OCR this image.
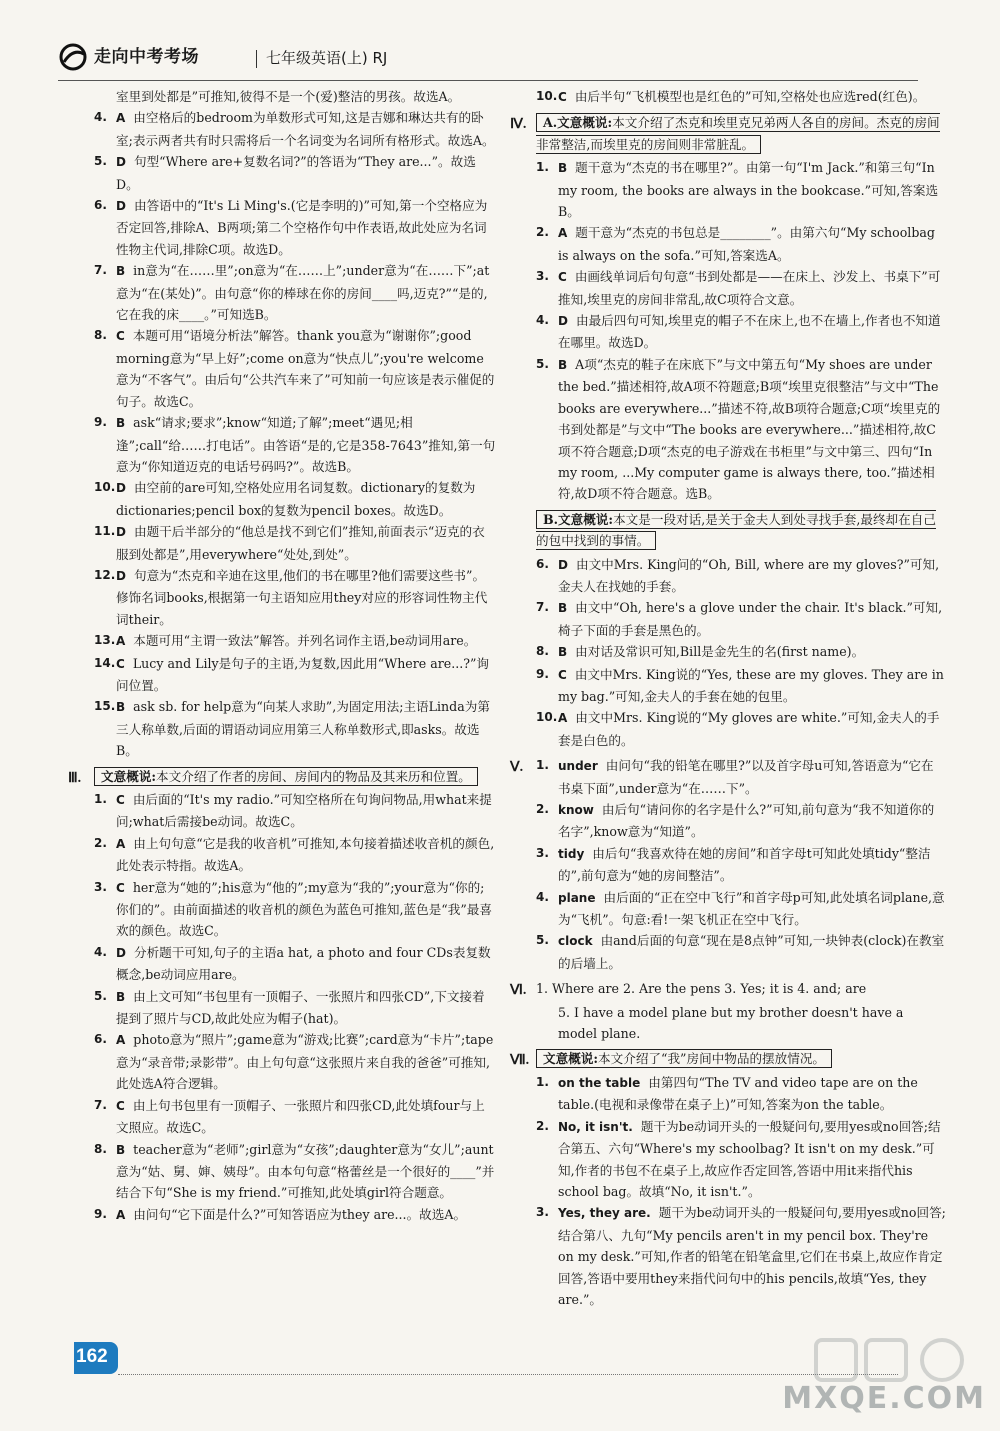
走向中考考场	七年级英语(上) RJ
室里到处都是”可推知,彼得不是一个(爱)整洁的男孩。故选A。
4. A 由空格后的bedroom为单数形式可知,这是吉娜和琳达共有的卧室;表示两者共有时只需将后一个名词变为名词所有格形式。故选A。
5. D 句型“Where are+复数名词?”的答语为“They are...”。故选D。
6. D 由答语中的“It's Li Ming's.(它是李明的)”可知,第一个空格应为否定回答,排除A、B两项;第二个空格作句中作表语,故此处应为名词性物主代词,排除C项。故选D。
7. B in意为“在……里”;on意为“在……上”;under意为“在……下”;at意为“在(某处)”。由句意“你的棒球在你的房间____吗,迈克?”“是的,它在我的床____。”可知选B。
8. C 本题可用“语境分析法”解答。thank you意为“谢谢你”;good morning意为“早上好”;come on意为“快点儿”;you're welcome意为“不客气”。由后句“公共汽车来了”可知前一句应该是表示催促的句子。故选C。
9. B ask“请求;要求”;know“知道;了解”;meet“遇见;相逢”;call“给……打电话”。由答语“是的,它是358-7643”推知,第一句意为“你知道迈克的电话号码吗?”。故选B。
10. D 由空前的are可知,空格处应用名词复数。dictionary的复数为dictionaries;pencil box的复数为pencil boxes。故选D。
11. D 由题干后半部分的“他总是找不到它们”推知,前面表示“迈克的衣服到处都是”,用everywhere“处处,到处”。
12. D 句意为“杰克和辛迪在这里,他们的书在哪里?他们需要这些书”。修饰名词books,根据第一句主语知应用they对应的形容词性物主代词their。
13. A 本题可用“主谓一致法”解答。并列名词作主语,be动词用are。
14. C Lucy and Lily是句子的主语,为复数,因此用“Where are...?”询问位置。
15. B ask sb. for help意为“向某人求助”,为固定用法;主语Linda为第三人称单数,后面的谓语动词应用第三人称单数形式,即asks。故选B。
Ⅲ. 文意概说:本文介绍了作者的房间、房间内的物品及其来历和位置。
1. C 由后面的“It's my radio.”可知空格所在句询问物品,用what来提问;what后需接be动词。故选C。
2. A 由上句句意“它是我的收音机”可推知,本句接着描述收音机的颜色,此处表示特指。故选A。
3. C her意为“她的”;his意为“他的”;my意为“我的”;your意为“你的;你们的”。由前面描述的收音机的颜色为蓝色可推知,蓝色是“我”最喜欢的颜色。故选C。
4. D 分析题干可知,句子的主语a hat, a photo and four CDs表复数概念,be动词应用are。
5. B 由上文可知“书包里有一顶帽子、一张照片和四张CD”,下文接着提到了照片与CD,故此处应为帽子(hat)。
6. A photo意为“照片”;game意为“游戏;比赛”;card意为“卡片”;tape意为“录音带;录影带”。由上句句意“这张照片来自我的爸爸”可推知,此处选A符合逻辑。
7. C 由上句书包里有一顶帽子、一张照片和四张CD,此处填four与上文照应。故选C。
8. B teacher意为“老师”;girl意为“女孩”;daughter意为“女儿”;aunt意为“姑、舅、婶、姨母”。由本句句意“格蕾丝是一个很好的____”并结合下句“She is my friend.”可推知,此处填girl符合题意。
9. A 由问句“它下面是什么?”可知答语应为they are...。故选A。
10. C 由后半句“飞机模型也是红色的”可知,空格处也应选red(红色)。
Ⅳ. A.文意概说:本文介绍了杰克和埃里克兄弟两人各自的房间。杰克的房间非常整洁,而埃里克的房间则非常脏乱。
1. B 题干意为“杰克的书在哪里?”。由第一句“I'm Jack.”和第三句“In my room, the books are always in the bookcase.”可知,答案选B。
2. A 题干意为“杰克的书包总是________”。由第六句“My schoolbag is always on the sofa.”可知,答案选A。
3. C 由画线单词后句句意“书到处都是——在床上、沙发上、书桌下”可推知,埃里克的房间非常乱,故C项符合文意。
4. D 由最后四句可知,埃里克的帽子不在床上,也不在墙上,作者也不知道在哪里。故选D。
5. B A项“杰克的鞋子在床底下”与文中第五句“My shoes are under the bed.”描述相符,故A项不符题意;B项“埃里克很整洁”与文中“The books are everywhere...”描述不符,故B项符合题意;C项“埃里克的书到处都是”与文中“The books are everywhere...”描述相符,故C项不符合题意;D项“杰克的电子游戏在书柜里”与文中第三、四句“In my room, ...My computer game is always there, too.”描述相符,故D项不符合题意。选B。
B.文意概说:本文是一段对话,是关于金夫人到处寻找手套,最终却在自己的包中找到的事情。
6. D 由文中Mrs. King问的“Oh, Bill, where are my gloves?”可知,金夫人在找她的手套。
7. B 由文中“Oh, here's a glove under the chair. It's black.”可知,椅子下面的手套是黑色的。
8. B 由对话及常识可知,Bill是金先生的名(first name)。
9. C 由文中Mrs. King说的“Yes, these are my gloves. They are in my bag.”可知,金夫人的手套在她的包里。
10. A 由文中Mrs. King说的“My gloves are white.”可知,金夫人的手套是白色的。
Ⅴ. 1. under 由问句“我的铅笔在哪里?”以及首字母u可知,答语意为“它在书桌下面”,under意为“在……下”。
2. know 由后句“请问你的名字是什么?”可知,前句意为“我不知道你的名字”,know意为“知道”。
3. tidy 由后句“我喜欢待在她的房间”和首字母t可知此处填tidy“整洁的”,前句意为“她的房间整洁”。
4. plane 由后面的“正在空中飞行”和首字母p可知,此处填名词plane,意为“飞机”。句意:看!一架飞机正在空中飞行。
5. clock 由and后面的句意“现在是8点钟”可知,一块钟表(clock)在教室的后墙上。
Ⅵ. 1. Where are 2. Are the pens 3. Yes; it is 4. and; are
5. I have a model plane but my brother doesn't have a model plane.
Ⅶ. 文意概说:本文介绍了“我”房间中物品的摆放情况。
1. on the table 由第四句“The TV and video tape are on the table.(电视和录像带在桌子上)”可知,答案为on the table。
2. No, it isn't. 题干为be动词开头的一般疑问句,要用yes或no回答;结合第五、六句“Where's my schoolbag? It isn't on my desk.”可知,作者的书包不在桌子上,故应作否定回答,答语中用it来指代his school bag。故填“No, it isn't.”。
3. Yes, they are. 题干为be动词开头的一般疑问句,要用yes或no回答;结合第八、九句“My pencils aren't in my pencil box. They're on my desk.”可知,作者的铅笔在铅笔盒里,它们在书桌上,故应作肯定回答,答语中要用they来指代问句中的his pencils,故填“Yes, they are.”。
162
MXQE.COM
